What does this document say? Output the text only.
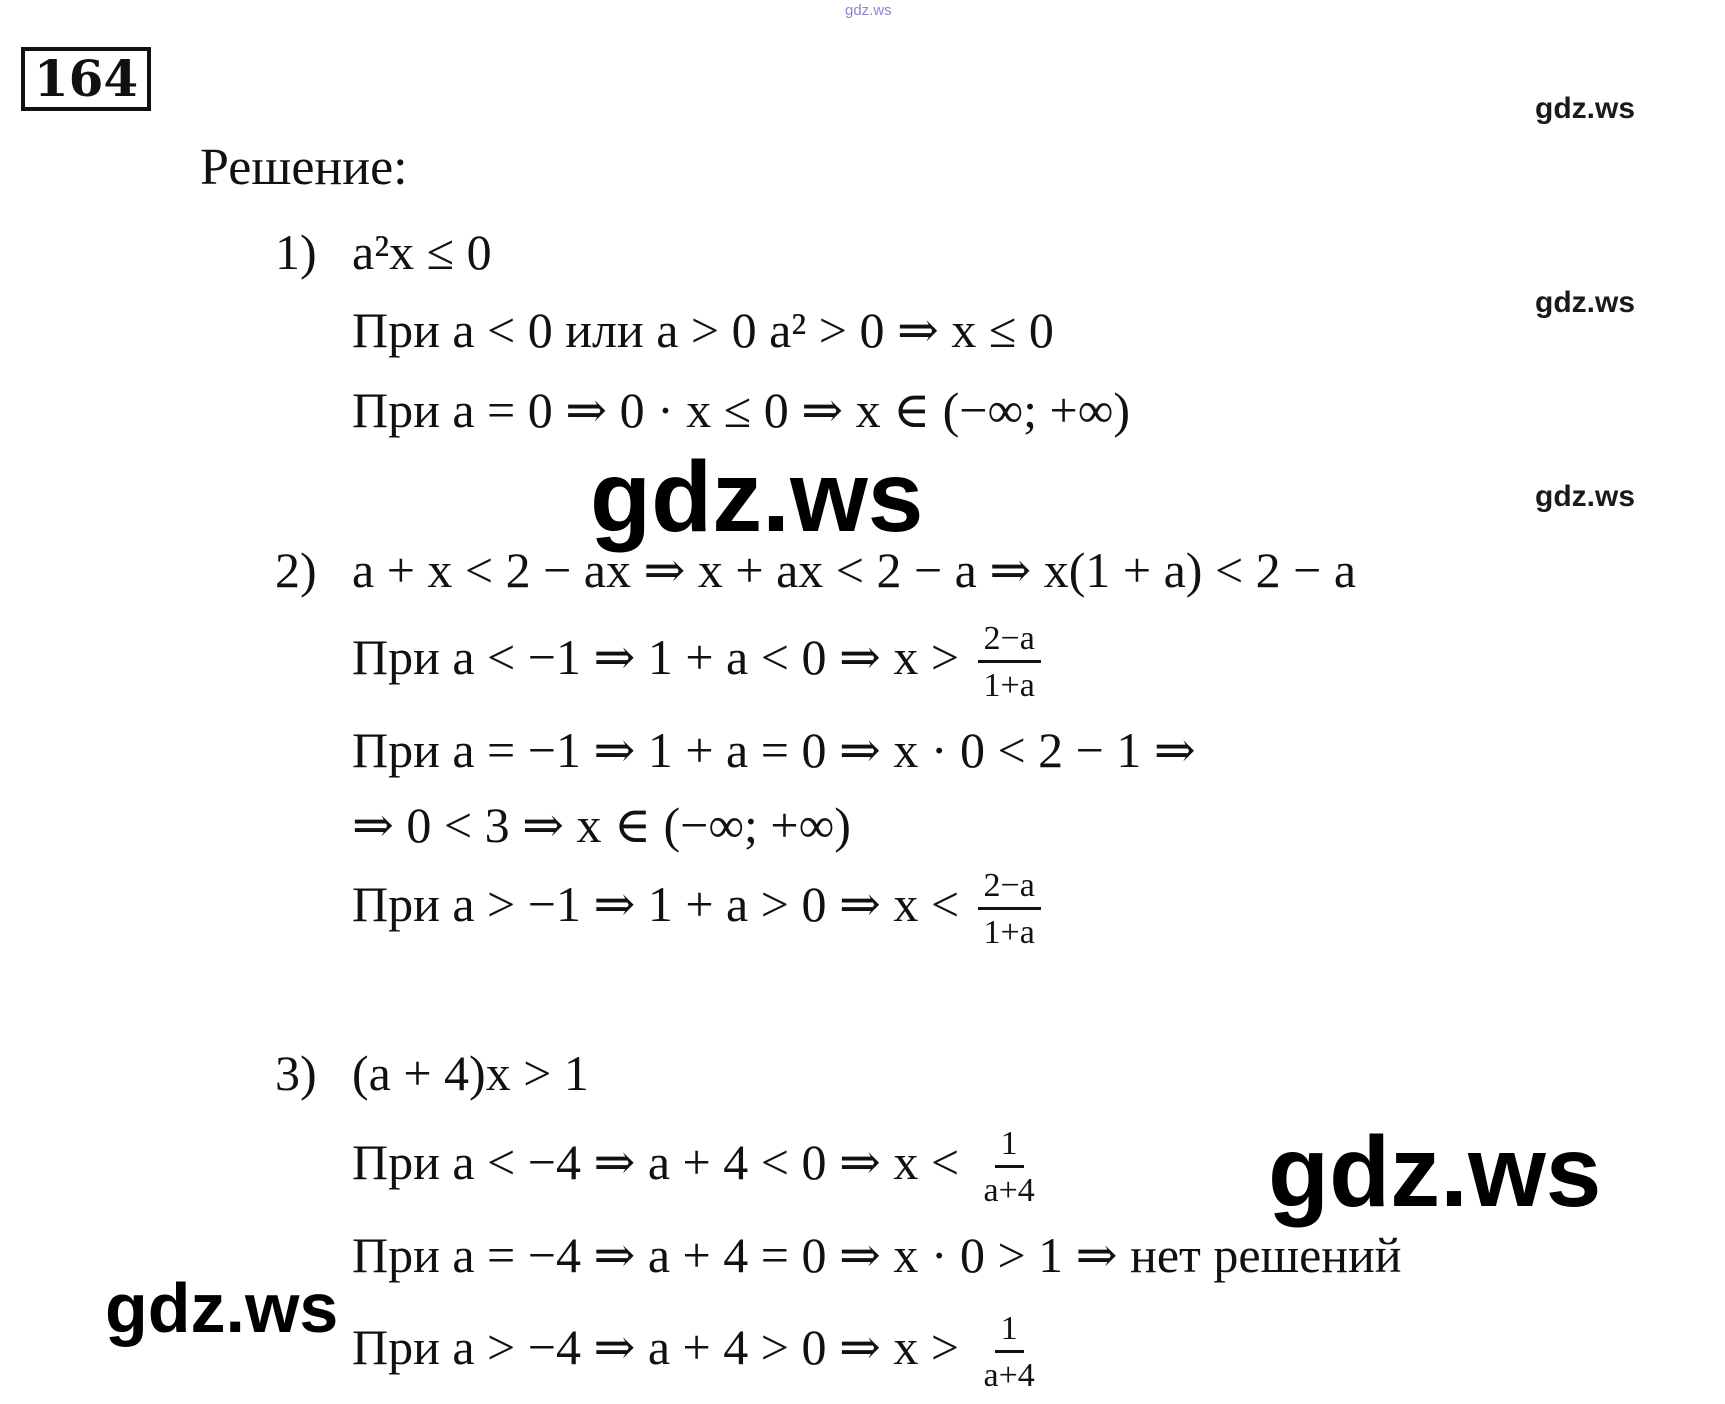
gdz.ws
gdz.ws
gdz.ws
gdz.ws
164
Решение:
1) a²x ≤ 0
При a < 0 или a > 0 a² > 0 ⇒ x ≤ 0
При a = 0 ⇒ 0 · x ≤ 0 ⇒ x ∈ (−∞; +∞)
2) a + x < 2 − ax ⇒ x + ax < 2 − a ⇒ x(1 + a) < 2 − a
При a < −1 ⇒ 1 + a < 0 ⇒ $x > \frac{2-a}{1+a}$
При a = −1 ⇒ 1 + a = 0 ⇒ x · 0 < 2 − 1 ⇒
⇒ 0 < 3 ⇒ x ∈ (−∞; +∞)
При a > −1 ⇒ 1 + a > 0 ⇒ $x < \frac{2-a}{1+a}$
3) (a + 4)x > 1
При a < −4 ⇒ a + 4 < 0 ⇒ $x < \frac{1}{a+4}$
При a = −4 ⇒ a + 4 = 0 ⇒ x · 0 > 1 ⇒ нет решений
При a > −4 ⇒ a + 4 > 0 ⇒ $x > \frac{1}{a+4}$
gdz.ws
gdz.ws
gdz.ws
